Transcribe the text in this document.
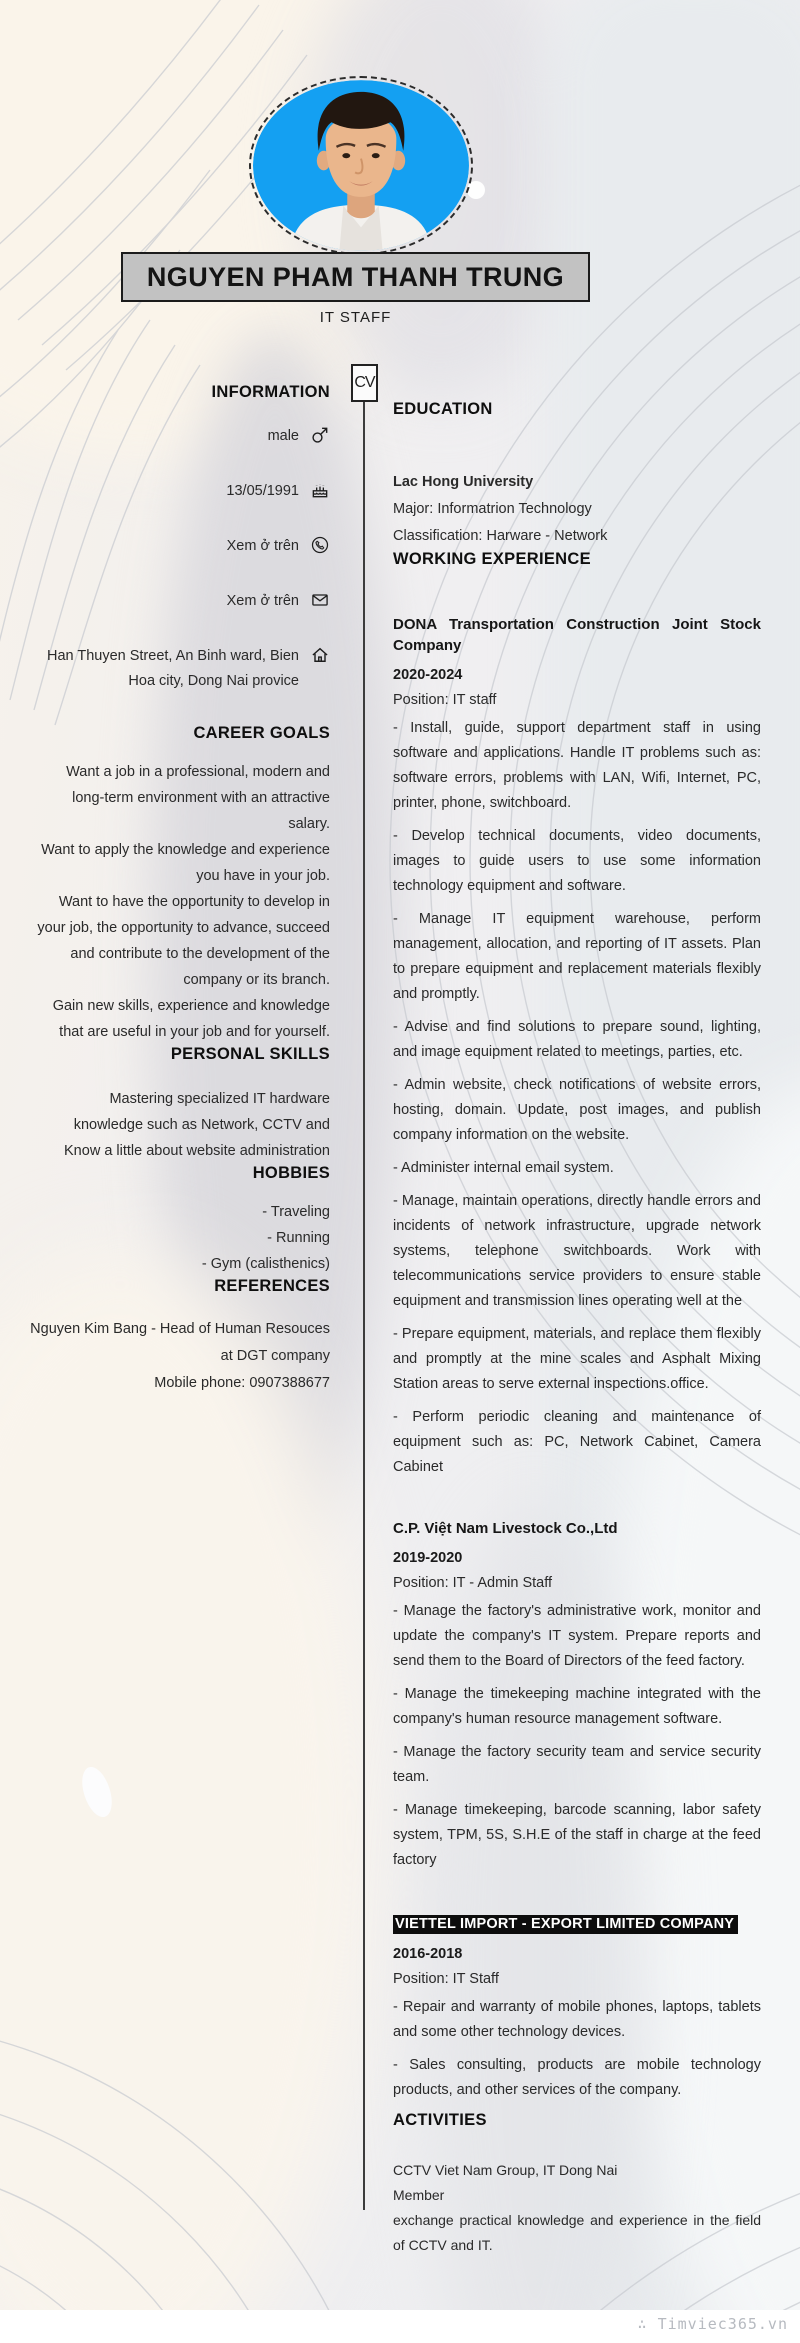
NGUYEN PHAM THANH TRUNG
IT STAFF
CV
INFORMATION
male
13/05/1991
Xem ở trên
Xem ở trên
Han Thuyen Street, An Binh ward, Bien Hoa city, Dong Nai provice
CAREER GOALS

Want a job in a professional, modern and long-term environment with an attractive salary.

Want to apply the knowledge and experience you have in your job.

Want to have the opportunity to develop in your job, the opportunity to advance, succeed and contribute to the development of the company or its branch.

Gain new skills, experience and knowledge that are useful in your job and for yourself.

PERSONAL SKILLS

Mastering specialized IT hardware

knowledge such as Network, CCTV and

Know a little about website administration

HOBBIES
- Traveling
- Running
- Gym (calisthenics)
REFERENCES
Nguyen Kim Bang - Head of Human Resouces
at DGT company
Mobile phone: 0907388677
EDUCATION
Lac Hong University
Major: Informatrion Technology
Classification: Harware - Network
WORKING EXPERIENCE
DONA Transportation Construction Joint Stock Company
2020-2024
Position: IT staff

- Install, guide, support department staff in using software and applications. Handle IT problems such as: software errors, problems with LAN, Wifi, Internet, PC, printer, phone, switchboard.

- Develop technical documents, video documents, images to guide users to use some information technology equipment and software.

- Manage IT equipment warehouse, perform management, allocation, and reporting of IT assets. Plan to prepare equipment and replacement materials flexibly and promptly.

- Advise and find solutions to prepare sound, lighting, and image equipment related to meetings, parties, etc.

- Admin website, check notifications of website errors, hosting, domain. Update, post images, and publish company information on the website.

- Administer internal email system.

- Manage, maintain operations, directly handle errors and incidents of network infrastructure, upgrade network systems, telephone switchboards. Work with telecommunications service providers to ensure stable equipment and transmission lines operating well at the

- Prepare equipment, materials, and replace them flexibly and promptly at the mine scales and Asphalt Mixing Station areas to serve external inspections.office.

- Perform periodic cleaning and maintenance of equipment such as: PC, Network Cabinet, Camera Cabinet

C.P. Việt Nam Livestock Co.,Ltd
2019-2020
Position: IT - Admin Staff

- Manage the factory's administrative work, monitor and update the company's IT system. Prepare reports and send them to the Board of Directors of the feed factory.

- Manage the timekeeping machine integrated with the company's human resource management software.

- Manage the factory security team and service security team.

- Manage timekeeping, barcode scanning, labor safety system, TPM, 5S, S.H.E of the staff in charge at the feed factory

VIETTEL IMPORT - EXPORT LIMITED COMPANY
2016-2018
Position: IT Staff

- Repair and warranty of mobile phones, laptops, tablets and some other technology devices.

- Sales consulting, products are mobile technology products, and other services of the company.

ACTIVITIES
CCTV Viet Nam Group, IT Dong Nai
Member
exchange practical knowledge and experience in the field of CCTV and IT.
∴ Timviec365.vn
